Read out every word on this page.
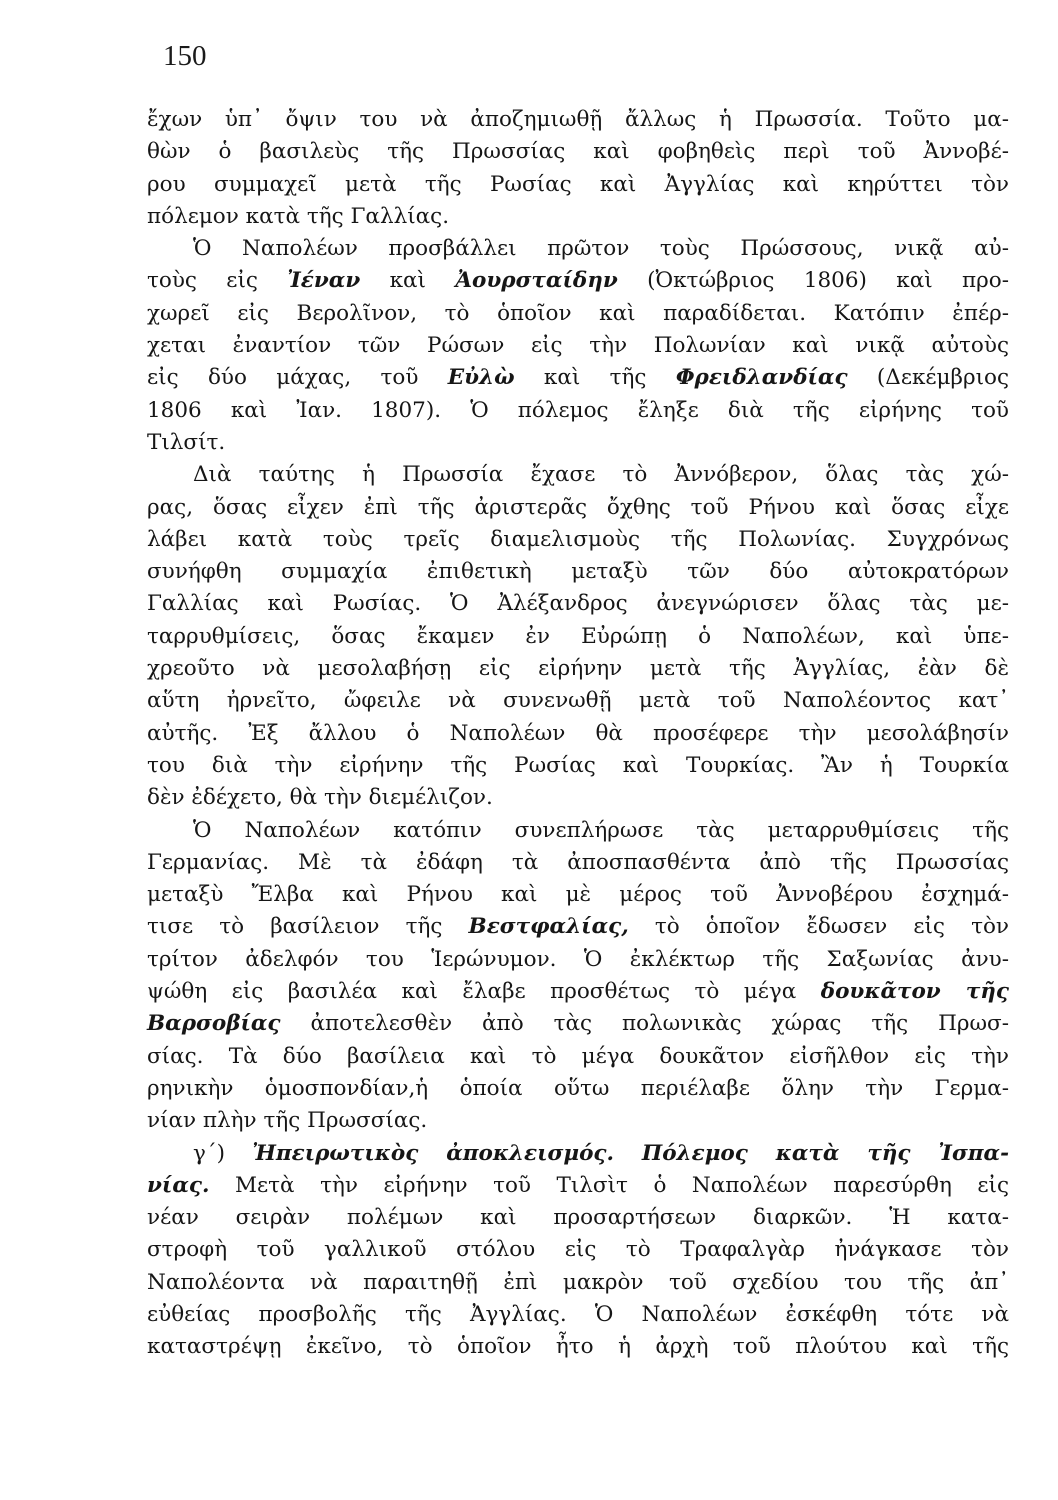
150
ἔχων ὑπ᾽ ὄψιν του νὰ ἀποζημιωθῇ ἄλλως ἡ Πρωσσία. Τοῦτο μα-
θὼν ὁ βασιλεὺς τῆς Πρωσσίας καὶ φοβηθεὶς περὶ τοῦ Ἀννοβέ-
ρου συμμαχεῖ μετὰ τῆς Ρωσίας καὶ Ἀγγλίας καὶ κηρύττει τὸν
πόλεμον κατὰ τῆς Γαλλίας.
Ὁ Ναπολέων προσβάλλει πρῶτον τοὺς Πρώσσους, νικᾷ αὐ-
τοὺς εἰς Ἰέναν καὶ Ἀουρσταίδην (Ὀκτώβριος 1806) καὶ προ-
χωρεῖ εἰς Βερολῖνον, τὸ ὁποῖον καὶ παραδίδεται. Κατόπιν ἐπέρ-
χεται ἐναντίον τῶν Ρώσων εἰς τὴν Πολωνίαν καὶ νικᾷ αὐτοὺς
εἰς δύο μάχας, τοῦ Εὐλὼ καὶ τῆς Φρειδλανδίας (Δεκέμβριος
1806 καὶ Ἰαν. 1807). Ὁ πόλεμος ἔληξε διὰ τῆς εἰρήνης τοῦ
Τιλσίτ.
Διὰ ταύτης ἡ Πρωσσία ἔχασε τὸ Ἀννόβερον, ὅλας τὰς χώ-
ρας, ὅσας εἶχεν ἐπὶ τῆς ἀριστερᾶς ὄχθης τοῦ Ρήνου καὶ ὅσας εἶχε
λάβει κατὰ τοὺς τρεῖς διαμελισμοὺς τῆς Πολωνίας. Συγχρόνως
συνήφθη συμμαχία ἐπιθετικὴ μεταξὺ τῶν δύο αὐτοκρατόρων
Γαλλίας καὶ Ρωσίας. Ὁ Ἀλέξανδρος ἀνεγνώρισεν ὅλας τὰς με-
ταρρυθμίσεις, ὅσας ἔκαμεν ἐν Εὐρώπῃ ὁ Ναπολέων, καὶ ὑπε-
χρεοῦτο νὰ μεσολαβήσῃ εἰς εἰρήνην μετὰ τῆς Ἀγγλίας, ἐὰν δὲ
αὕτη ἠρνεῖτο, ὤφειλε νὰ συνενωθῇ μετὰ τοῦ Ναπολέοντος κατ᾽
αὐτῆς. Ἐξ ἄλλου ὁ Ναπολέων θὰ προσέφερε τὴν μεσολάβησίν
του διὰ τὴν εἰρήνην τῆς Ρωσίας καὶ Τουρκίας. Ἂν ἡ Τουρκία
δὲν ἐδέχετο, θὰ τὴν διεμέλιζον.
Ὁ Ναπολέων κατόπιν συνεπλήρωσε τὰς μεταρρυθμίσεις τῆς
Γερμανίας. Μὲ τὰ ἐδάφη τὰ ἀποσπασθέντα ἀπὸ τῆς Πρωσσίας
μεταξὺ Ἔλβα καὶ Ρήνου καὶ μὲ μέρος τοῦ Ἀννοβέρου ἐσχημά-
τισε τὸ βασίλειον τῆς Βεστφαλίας, τὸ ὁποῖον ἔδωσεν εἰς τὸν
τρίτον ἀδελφόν του Ἱερώνυμον. Ὁ ἐκλέκτωρ τῆς Σαξωνίας ἀνυ-
ψώθη εἰς βασιλέα καὶ ἔλαβε προσθέτως τὸ μέγα δουκᾶτον τῆς
Βαρσοβίας ἀποτελεσθὲν ἀπὸ τὰς πολωνικὰς χώρας τῆς Πρωσ-
σίας. Τὰ δύο βασίλεια καὶ τὸ μέγα δουκᾶτον εἰσῆλθον εἰς τὴν
ρηνικὴν ὁμοσπονδίαν,ἡ ὁποία οὕτω περιέλαβε ὅλην τὴν Γερμα-
νίαν πλὴν τῆς Πρωσσίας.
γ΄) Ἠπειρωτικὸς ἀποκλεισμός. Πόλεμος κατὰ τῆς Ἰσπα-
νίας. Μετὰ τὴν εἰρήνην τοῦ Τιλσὶτ ὁ Ναπολέων παρεσύρθη εἰς
νέαν σειρὰν πολέμων καὶ προσαρτήσεων διαρκῶν. Ἡ κατα-
στροφὴ τοῦ γαλλικοῦ στόλου εἰς τὸ Τραφαλγὰρ ἠνάγκασε τὸν
Ναπολέοντα νὰ παραιτηθῇ ἐπὶ μακρὸν τοῦ σχεδίου του τῆς ἀπ᾽
εὐθείας προσβολῆς τῆς Ἀγγλίας. Ὁ Ναπολέων ἐσκέφθη τότε νὰ
καταστρέψῃ ἐκεῖνο, τὸ ὁποῖον ἦτο ἡ ἀρχὴ τοῦ πλούτου καὶ τῆς
